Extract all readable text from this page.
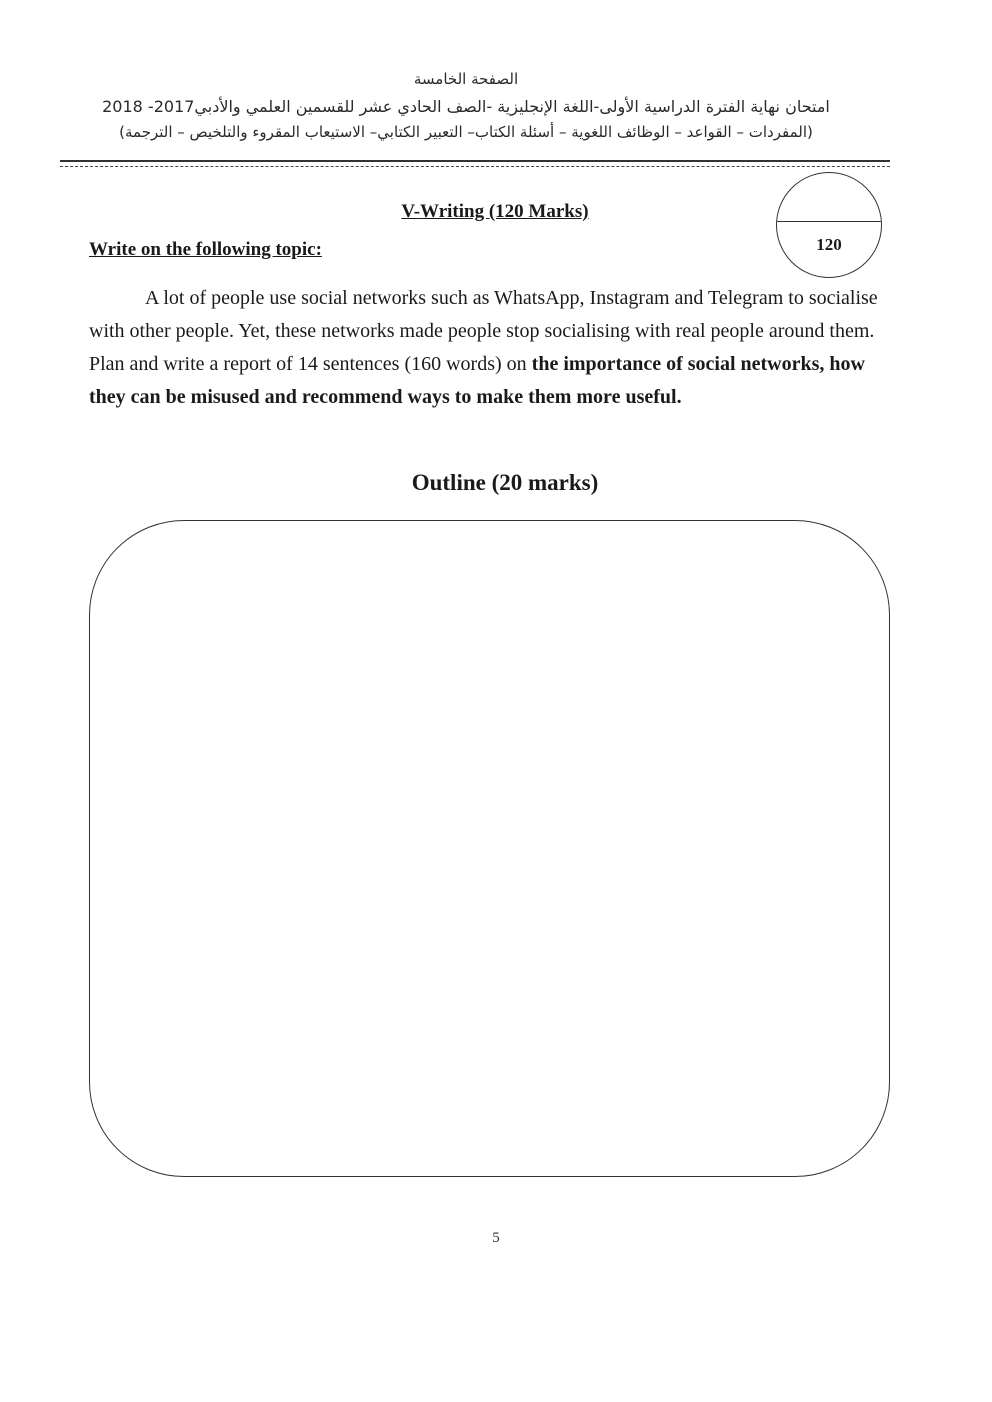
الصفحة الخامسة
امتحان نهاية الفترة الدراسية الأولى-اللغة الإنجليزية -الصف الحادي عشر للقسمين العلمي والأدبي2017- 2018
(المفردات – القواعد – الوظائف اللغوية – أسئلة الكتاب– التعبير الكتابي– الاستيعاب المقروء والتلخيص – الترجمة)
V-Writing (120 Marks)
Write on the following topic:	120

A lot of people use social networks such as WhatsApp, Instagram and Telegram to socialise with other people. Yet, these networks made people stop socialising with real people around them.

Plan and write a report of 14 sentences (160 words) on the importance of social networks, how they can be misused and recommend ways to make them more useful.

Outline (20 marks)
5
